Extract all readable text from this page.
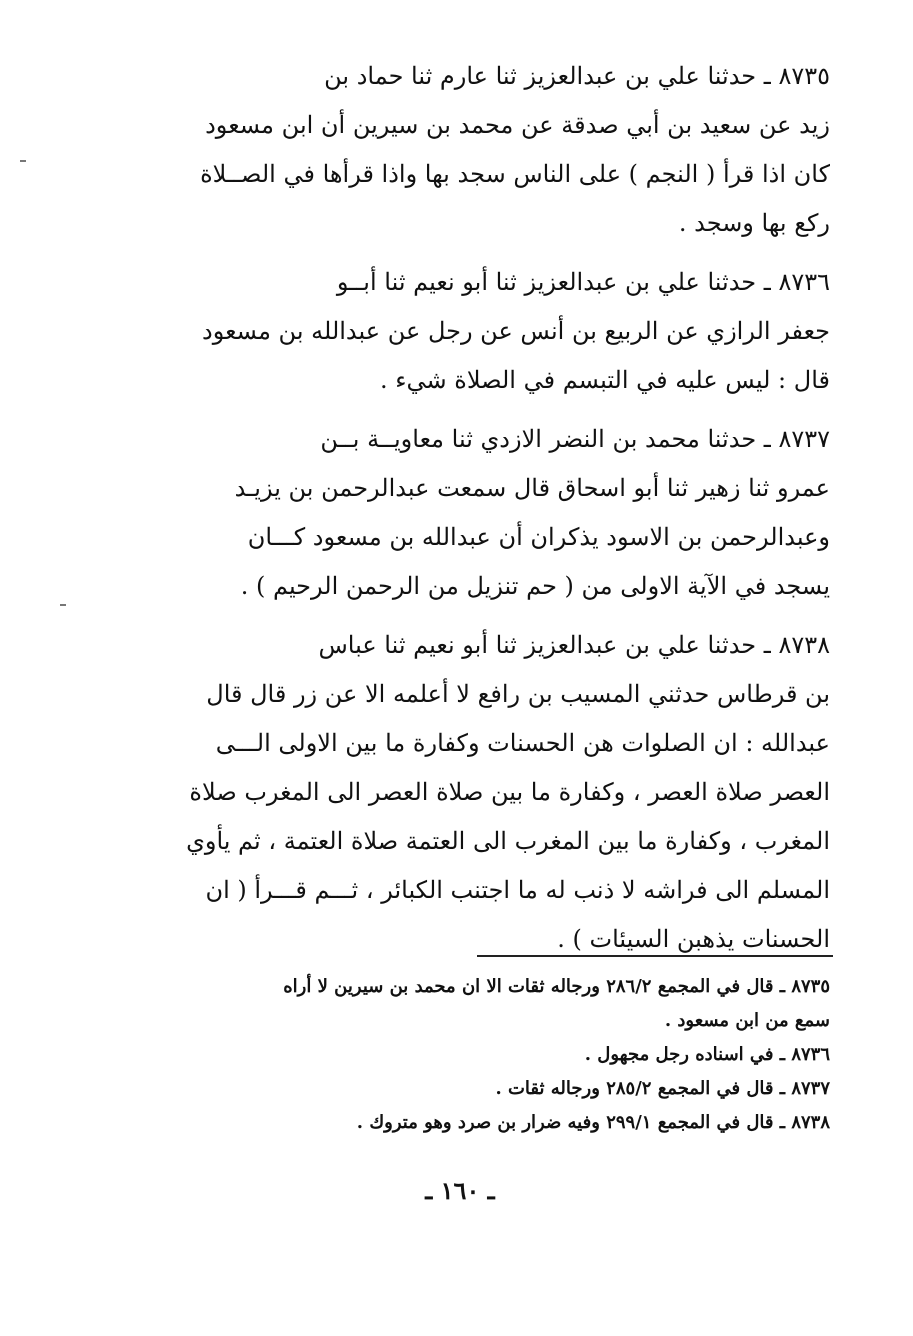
٨٧٣٥ ـ حدثنا علي بن عبدالعزيز ثنا عارم ثنا حماد بن
زيد عن سعيد بن أبي صدقة عن محمد بن سيرين أن ابن مسعود
كان اذا قرأ ( النجم ) على الناس سجد بها واذا قرأها في الصــلاة
ركع بها وسجد .
٨٧٣٦ ـ حدثنا علي بن عبدالعزيز ثنا أبو نعيم ثنا أبــو
جعفر الرازي عن الربيع بن أنس عن رجل عن عبدالله بن مسعود
قال : ليس عليه في التبسم في الصلاة شيء .
٨٧٣٧ ـ حدثنا محمد بن النضر الازدي ثنا معاويــة بــن
عمرو ثنا زهير ثنا أبو اسحاق قال سمعت عبدالرحمن بن يزيـد
وعبدالرحمن بن الاسود يذكران أن عبدالله بن مسعود كـــان
يسجد في الآية الاولى من ( حم تنزيل من الرحمن الرحيم ) .
٨٧٣٨ ـ حدثنا علي بن عبدالعزيز ثنا أبو نعيم ثنا عباس
بن قرطاس حدثني المسيب بن رافع لا أعلمه الا عن زر قال قال
عبدالله : ان الصلوات هن الحسنات وكفارة ما بين الاولى الـــى
العصر صلاة العصر ، وكفارة ما بين صلاة العصر الى المغرب صلاة
المغرب ، وكفارة ما بين المغرب الى العتمة صلاة العتمة ، ثم يأوي
المسلم الى فراشه لا ذنب له ما اجتنب الكبائر ، ثـــم قـــرأ ( ان
الحسنات يذهبن السيئات ) .
٨٧٣٥ ـ قال في المجمع ٢٨٦/٢ ورجاله ثقات الا ان محمد بن سيرين لا أراه
سمع من ابن مسعود .
٨٧٣٦ ـ في اسناده رجل مجهول .
٨٧٣٧ ـ قال في المجمع ٢٨٥/٢ ورجاله ثقات .
٨٧٣٨ ـ قال في المجمع ٢٩٩/١ وفيه ضرار بن صرد وهو متروك .
ـ ١٦٠ ـ
